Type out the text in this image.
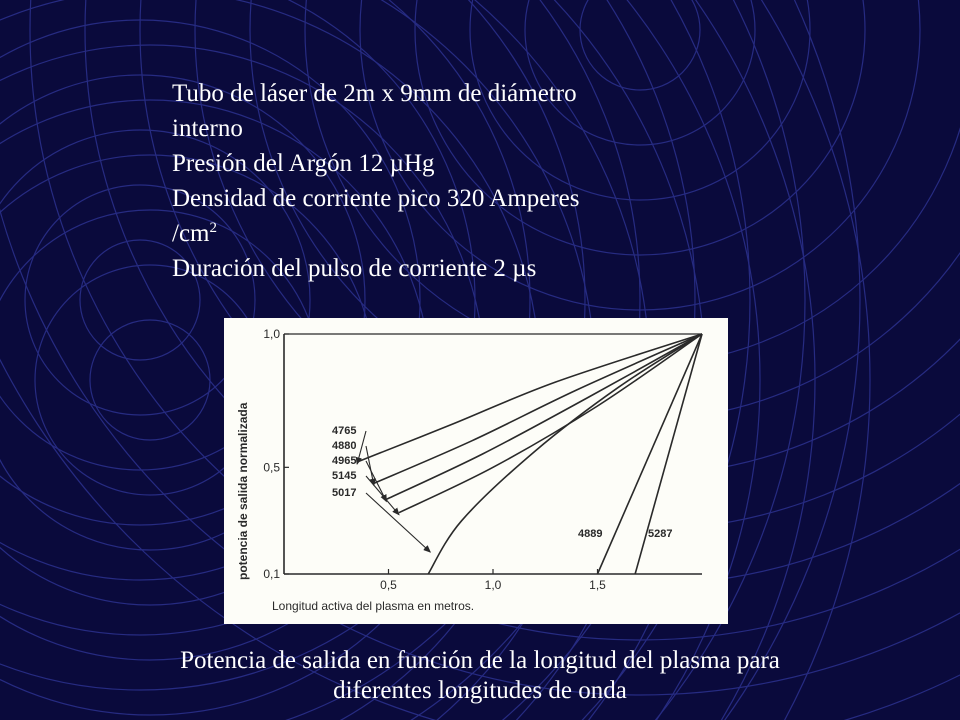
Tubo de láser de 2m x 9mm de diámetro
interno
Presión del Argón 12 µHg
Densidad de corriente pico 320 Amperes
$/cm^2$
Duración del pulso de corriente 2 µs
0,5	1,0	1,5
0,1
0,5
1,0
4765
4880
4965
5145
5017
4889	5287
potencia de salida normalizada
Longitud activa del plasma en metros.
Potencia de salida en función de la longitud del plasma para
diferentes longitudes de onda
